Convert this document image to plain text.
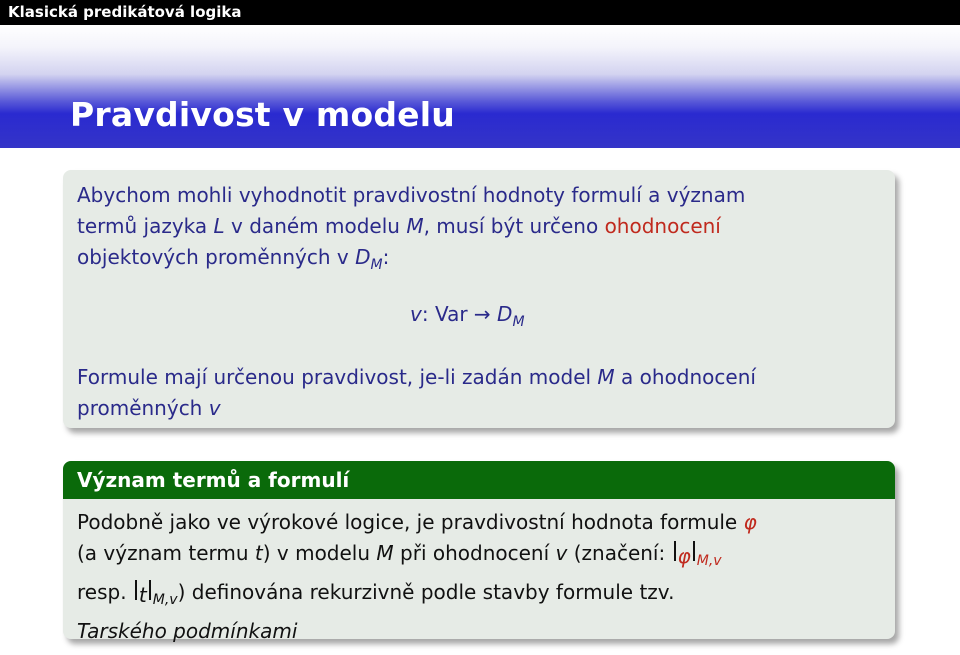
Klasická predikátová logika
Pravdivost v modelu
Abychom mohli vyhodnotit pravdivostní hodnoty formulí a význam
termů jazyka L v daném modelu M, musí být určeno ohodnocení
objektových proměnných v $D_M$:
v: Var → $D_M$
Formule mají určenou pravdivost, je-li zadán model M a ohodnocení
proměnných v
Význam termů a formulí
Podobně jako ve výrokové logice, je pravdivostní hodnota formule φ
(a význam termu t) v modelu M při ohodnocení v (značení: φ $_{M,v}$
resp. t $_{M,v}$) definována rekurzivně podle stavby formule tzv.
Tarského podmínkami
